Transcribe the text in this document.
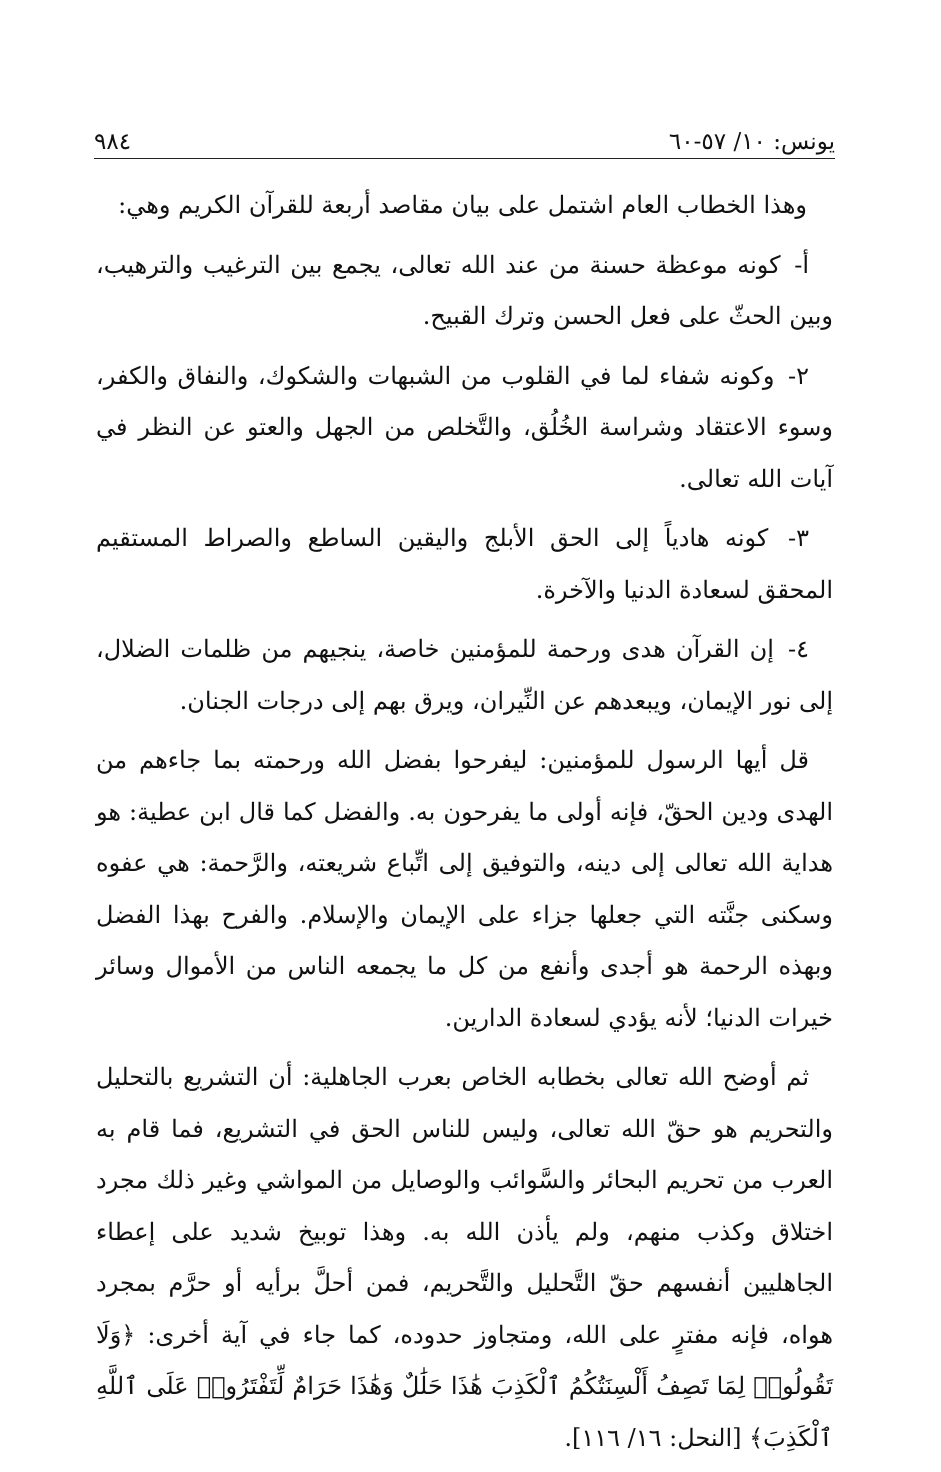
يونس: ١٠/ ٥٧-٦٠
٩٨٤

وهذا الخطاب العام اشتمل على بيان مقاصد أربعة للقرآن الكريم وهي:

أ- كونه موعظة حسنة من عند الله تعالى، يجمع بين الترغيب والترهيب، وبين الحثّ على فعل الحسن وترك القبيح.

٢- وكونه شفاء لما في القلوب من الشبهات والشكوك، والنفاق والكفر، وسوء الاعتقاد وشراسة الخُلُق، والتَّخلص من الجهل والعتو عن النظر في آيات الله تعالى.

٣- كونه هادياً إلى الحق الأبلج واليقين الساطع والصراط المستقيم المحقق لسعادة الدنيا والآخرة.

٤- إن القرآن هدى ورحمة للمؤمنين خاصة، ينجيهم من ظلمات الضلال، إلى نور الإيمان، ويبعدهم عن النِّيران، ويرق بهم إلى درجات الجنان.

قل أيها الرسول للمؤمنين: ليفرحوا بفضل الله ورحمته بما جاءهم من الهدى ودين الحقّ، فإنه أولى ما يفرحون به. والفضل كما قال ابن عطية: هو هداية الله تعالى إلى دينه، والتوفيق إلى اتِّباع شريعته، والرَّحمة: هي عفوه وسكنى جنَّته التي جعلها جزاء على الإيمان والإسلام. والفرح بهذا الفضل وبهذه الرحمة هو أجدى وأنفع من كل ما يجمعه الناس من الأموال وسائر خيرات الدنيا؛ لأنه يؤدي لسعادة الدارين.

ثم أوضح الله تعالى بخطابه الخاص بعرب الجاهلية: أن التشريع بالتحليل والتحريم هو حقّ الله تعالى، وليس للناس الحق في التشريع، فما قام به العرب من تحريم البحائر والسَّوائب والوصايل من المواشي وغير ذلك مجرد اختلاق وكذب منهم، ولم يأذن الله به. وهذا توبيخ شديد على إعطاء الجاهليين أنفسهم حقّ التَّحليل والتَّحريم، فمن أحلَّ برأيه أو حرَّم بمجرد هواه، فإنه مفترٍ على الله، ومتجاوز حدوده، كما جاء في آية أخرى: ﴿وَلَا تَقُولُوا۟ لِمَا تَصِفُ أَلْسِنَتُكُمُ ٱلْكَذِبَ هَٰذَا حَلَٰلٌ وَهَٰذَا حَرَامٌ لِّتَفْتَرُوا۟ عَلَى ٱللَّهِ ٱلْكَذِبَ﴾ [النحل: ١٦/ ١١٦].
